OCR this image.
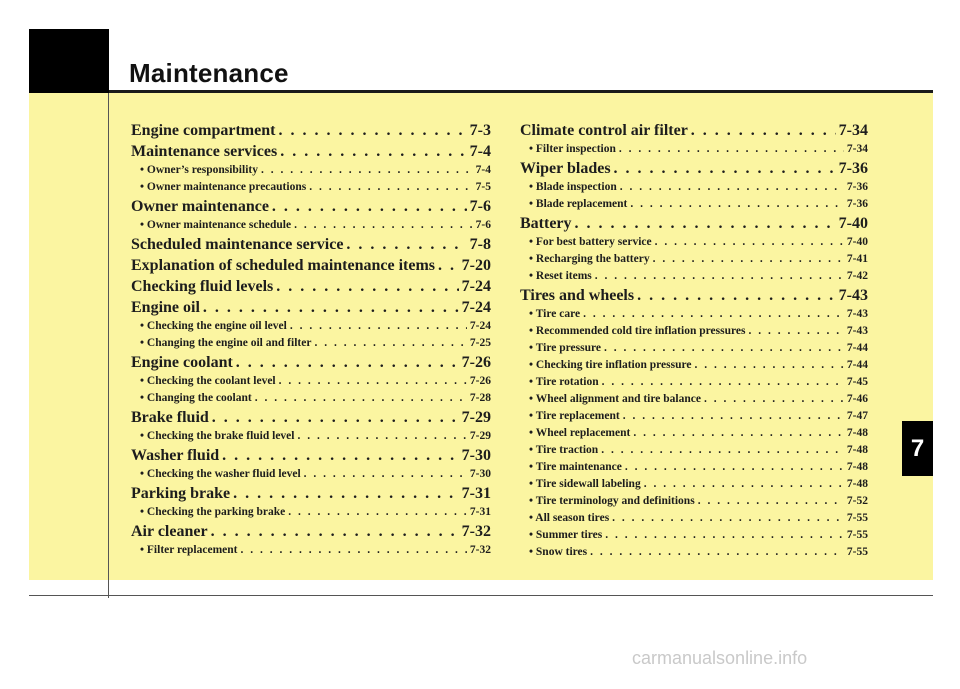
Maintenance
Engine compartment . . .	7-3
Maintenance services . . .	7-4
• Owner’s responsibility . . .	7-4
• Owner maintenance precautions . . .	7-5
Owner maintenance . . .	7-6
• Owner maintenance schedule . . .	7-6
Scheduled maintenance service . . .	7-8
Explanation of scheduled maintenance items . . . 7-20
Checking fluid levels . . .	7-24
Engine oil . . .	7-24
• Checking the engine oil level . . .	7-24
• Changing the engine oil and filter . . .	7-25
Engine coolant . . .	7-26
• Checking the coolant level . . .	7-26
• Changing the coolant . . .	7-28
Brake fluid . . .	7-29
• Checking the brake fluid level . . .	7-29
Washer fluid . . .	7-30
• Checking the washer fluid level . . .	7-30
Parking brake . . .	7-31
• Checking the parking brake . . .	7-31
Air cleaner . . .	7-32
• Filter replacement . . .	7-32
Climate control air filter . . .	7-34
• Filter inspection . . .	7-34
Wiper blades . . .	7-36
• Blade inspection . . .	7-36
• Blade replacement . . .	7-36
Battery . . .	7-40
• For best battery service . . .	7-40
• Recharging the battery . . .	7-41
• Reset items . . .	7-42
Tires and wheels . . .	7-43
• Tire care . . .	7-43
• Recommended cold tire inflation pressures . . .	7-43
• Tire pressure . . .	7-44
• Checking tire inflation pressure . . .	7-44
• Tire rotation . . .	7-45
• Wheel alignment and tire balance . . .	7-46
• Tire replacement . . .	7-47
• Wheel replacement . . .	7-48
• Tire traction . . .	7-48
• Tire maintenance . . .	7-48
• Tire sidewall labeling . . .	7-48
• Tire terminology and definitions . . .	7-52
• All season tires . . .	7-55
• Summer tires . . .	7-55
• Snow tires . . .	7-55
7
carmanualsonline.info
